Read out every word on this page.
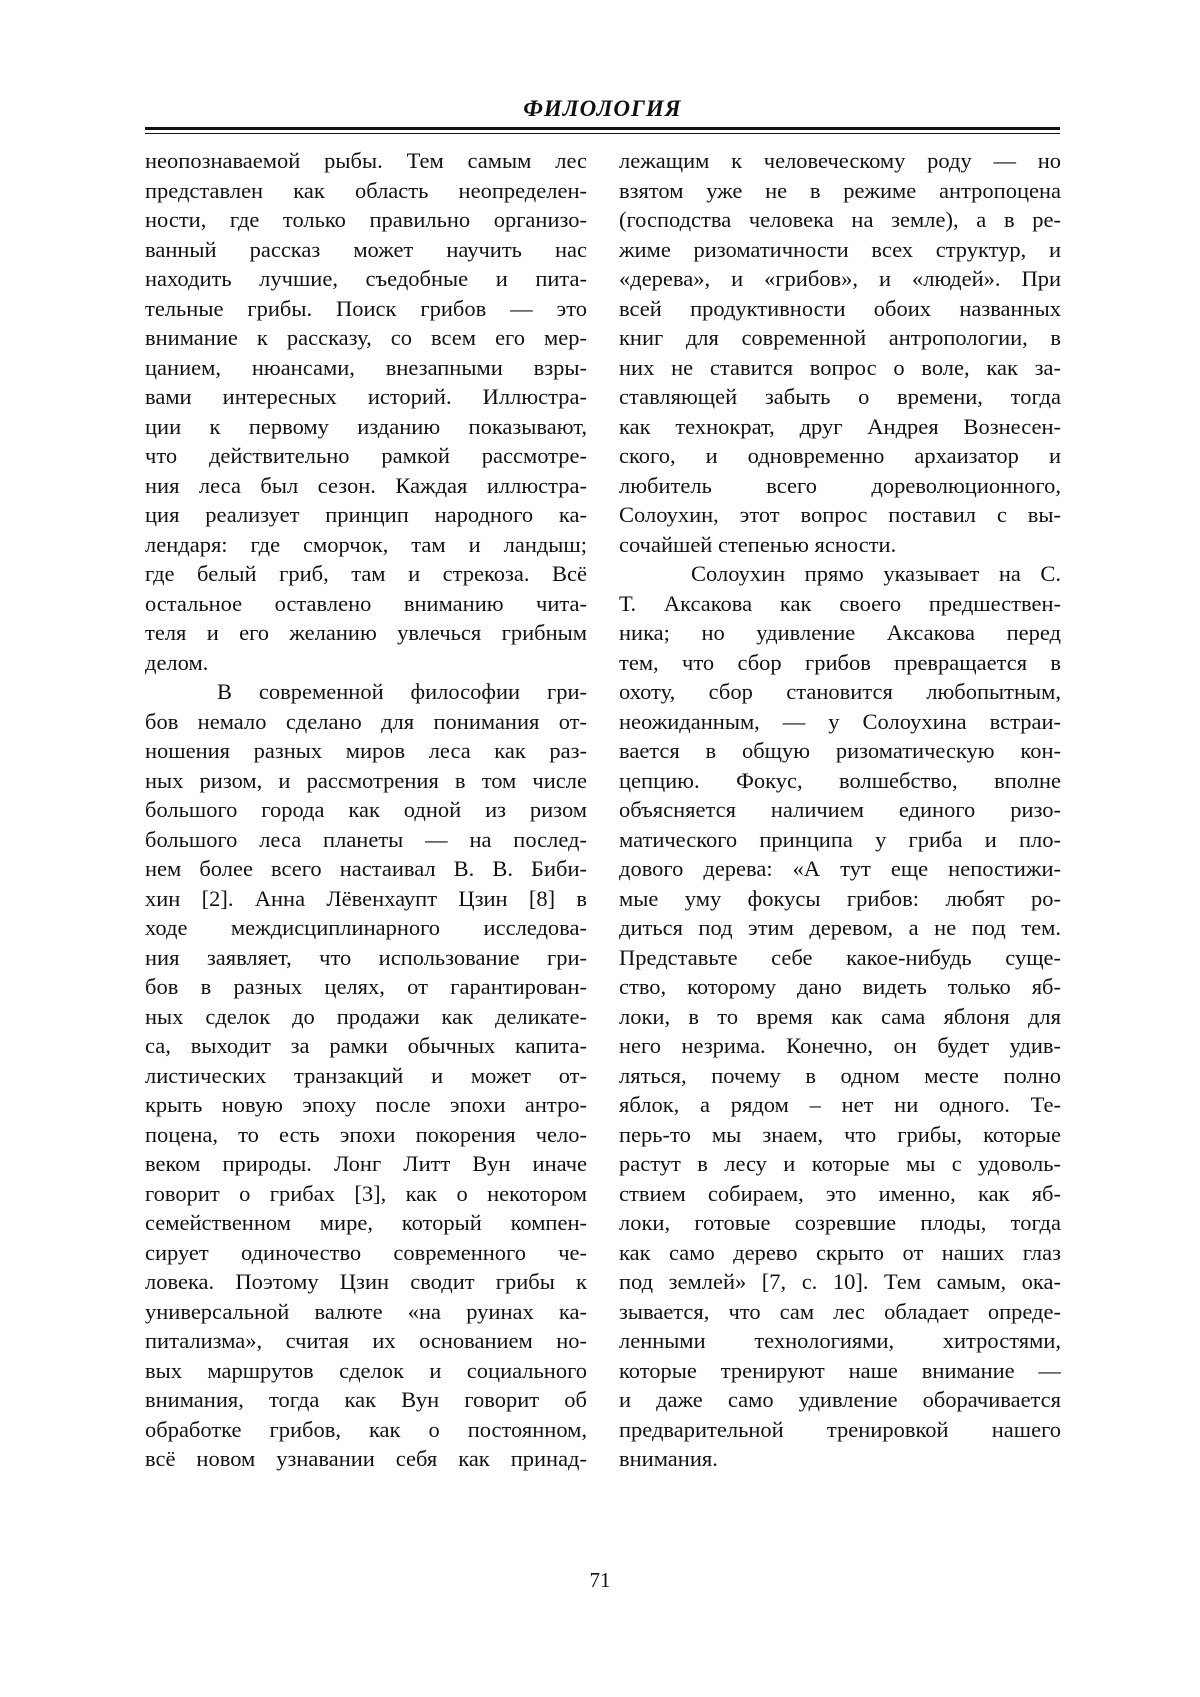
ФИЛОЛОГИЯ
неопознаваемой рыбы. Тем самым лес
представлен как область неопределен-
ности, где только правильно организо-
ванный рассказ может научить нас
находить лучшие, съедобные и пита-
тельные грибы. Поиск грибов — это
внимание к рассказу, со всем его мер-
цанием, нюансами, внезапными взры-
вами интересных историй. Иллюстра-
ции к первому изданию показывают,
что действительно рамкой рассмотре-
ния леса был сезон. Каждая иллюстра-
ция реализует принцип народного ка-
лендаря: где сморчок, там и ландыш;
где белый гриб, там и стрекоза. Всё
остальное оставлено вниманию чита-
теля и его желанию увлечься грибным
делом.
В современной философии гри-
бов немало сделано для понимания от-
ношения разных миров леса как раз-
ных ризом, и рассмотрения в том числе
большого города как одной из ризом
большого леса планеты — на послед-
нем более всего настаивал В. В. Биби-
хин [2]. Анна Лёвенхаупт Цзин [8] в
ходе междисциплинарного исследова-
ния заявляет, что использование гри-
бов в разных целях, от гарантирован-
ных сделок до продажи как деликате-
са, выходит за рамки обычных капита-
листических транзакций и может от-
крыть новую эпоху после эпохи антро-
поцена, то есть эпохи покорения чело-
веком природы. Лонг Литт Вун иначе
говорит о грибах [3], как о некотором
семейственном мире, который компен-
сирует одиночество современного че-
ловека. Поэтому Цзин сводит грибы к
универсальной валюте «на руинах ка-
питализма», считая их основанием но-
вых маршрутов сделок и социального
внимания, тогда как Вун говорит об
обработке грибов, как о постоянном,
всё новом узнавании себя как принад-
лежащим к человеческому роду — но
взятом уже не в режиме антропоцена
(господства человека на земле), а в ре-
жиме ризоматичности всех структур, и
«дерева», и «грибов», и «людей». При
всей продуктивности обоих названных
книг для современной антропологии, в
них не ставится вопрос о воле, как за-
ставляющей забыть о времени, тогда
как технократ, друг Андрея Вознесен-
ского, и одновременно архаизатор и
любитель всего дореволюционного,
Солоухин, этот вопрос поставил с вы-
сочайшей степенью ясности.
Солоухин прямо указывает на С.
Т. Аксакова как своего предшествен-
ника; но удивление Аксакова перед
тем, что сбор грибов превращается в
охоту, сбор становится любопытным,
неожиданным, — у Солоухина встраи-
вается в общую ризоматическую кон-
цепцию. Фокус, волшебство, вполне
объясняется наличием единого ризо-
матического принципа у гриба и пло-
дового дерева: «А тут еще непостижи-
мые уму фокусы грибов: любят ро-
диться под этим деревом, а не под тем.
Представьте себе какое-нибудь суще-
ство, которому дано видеть только яб-
локи, в то время как сама яблоня для
него незрима. Конечно, он будет удив-
ляться, почему в одном месте полно
яблок, а рядом – нет ни одного. Те-
перь-то мы знаем, что грибы, которые
растут в лесу и которые мы с удоволь-
ствием собираем, это именно, как яб-
локи, готовые созревшие плоды, тогда
как само дерево скрыто от наших глаз
под землей» [7, с. 10]. Тем самым, ока-
зывается, что сам лес обладает опреде-
ленными технологиями, хитростями,
которые тренируют наше внимание —
и даже само удивление оборачивается
предварительной тренировкой нашего
внимания.
71
